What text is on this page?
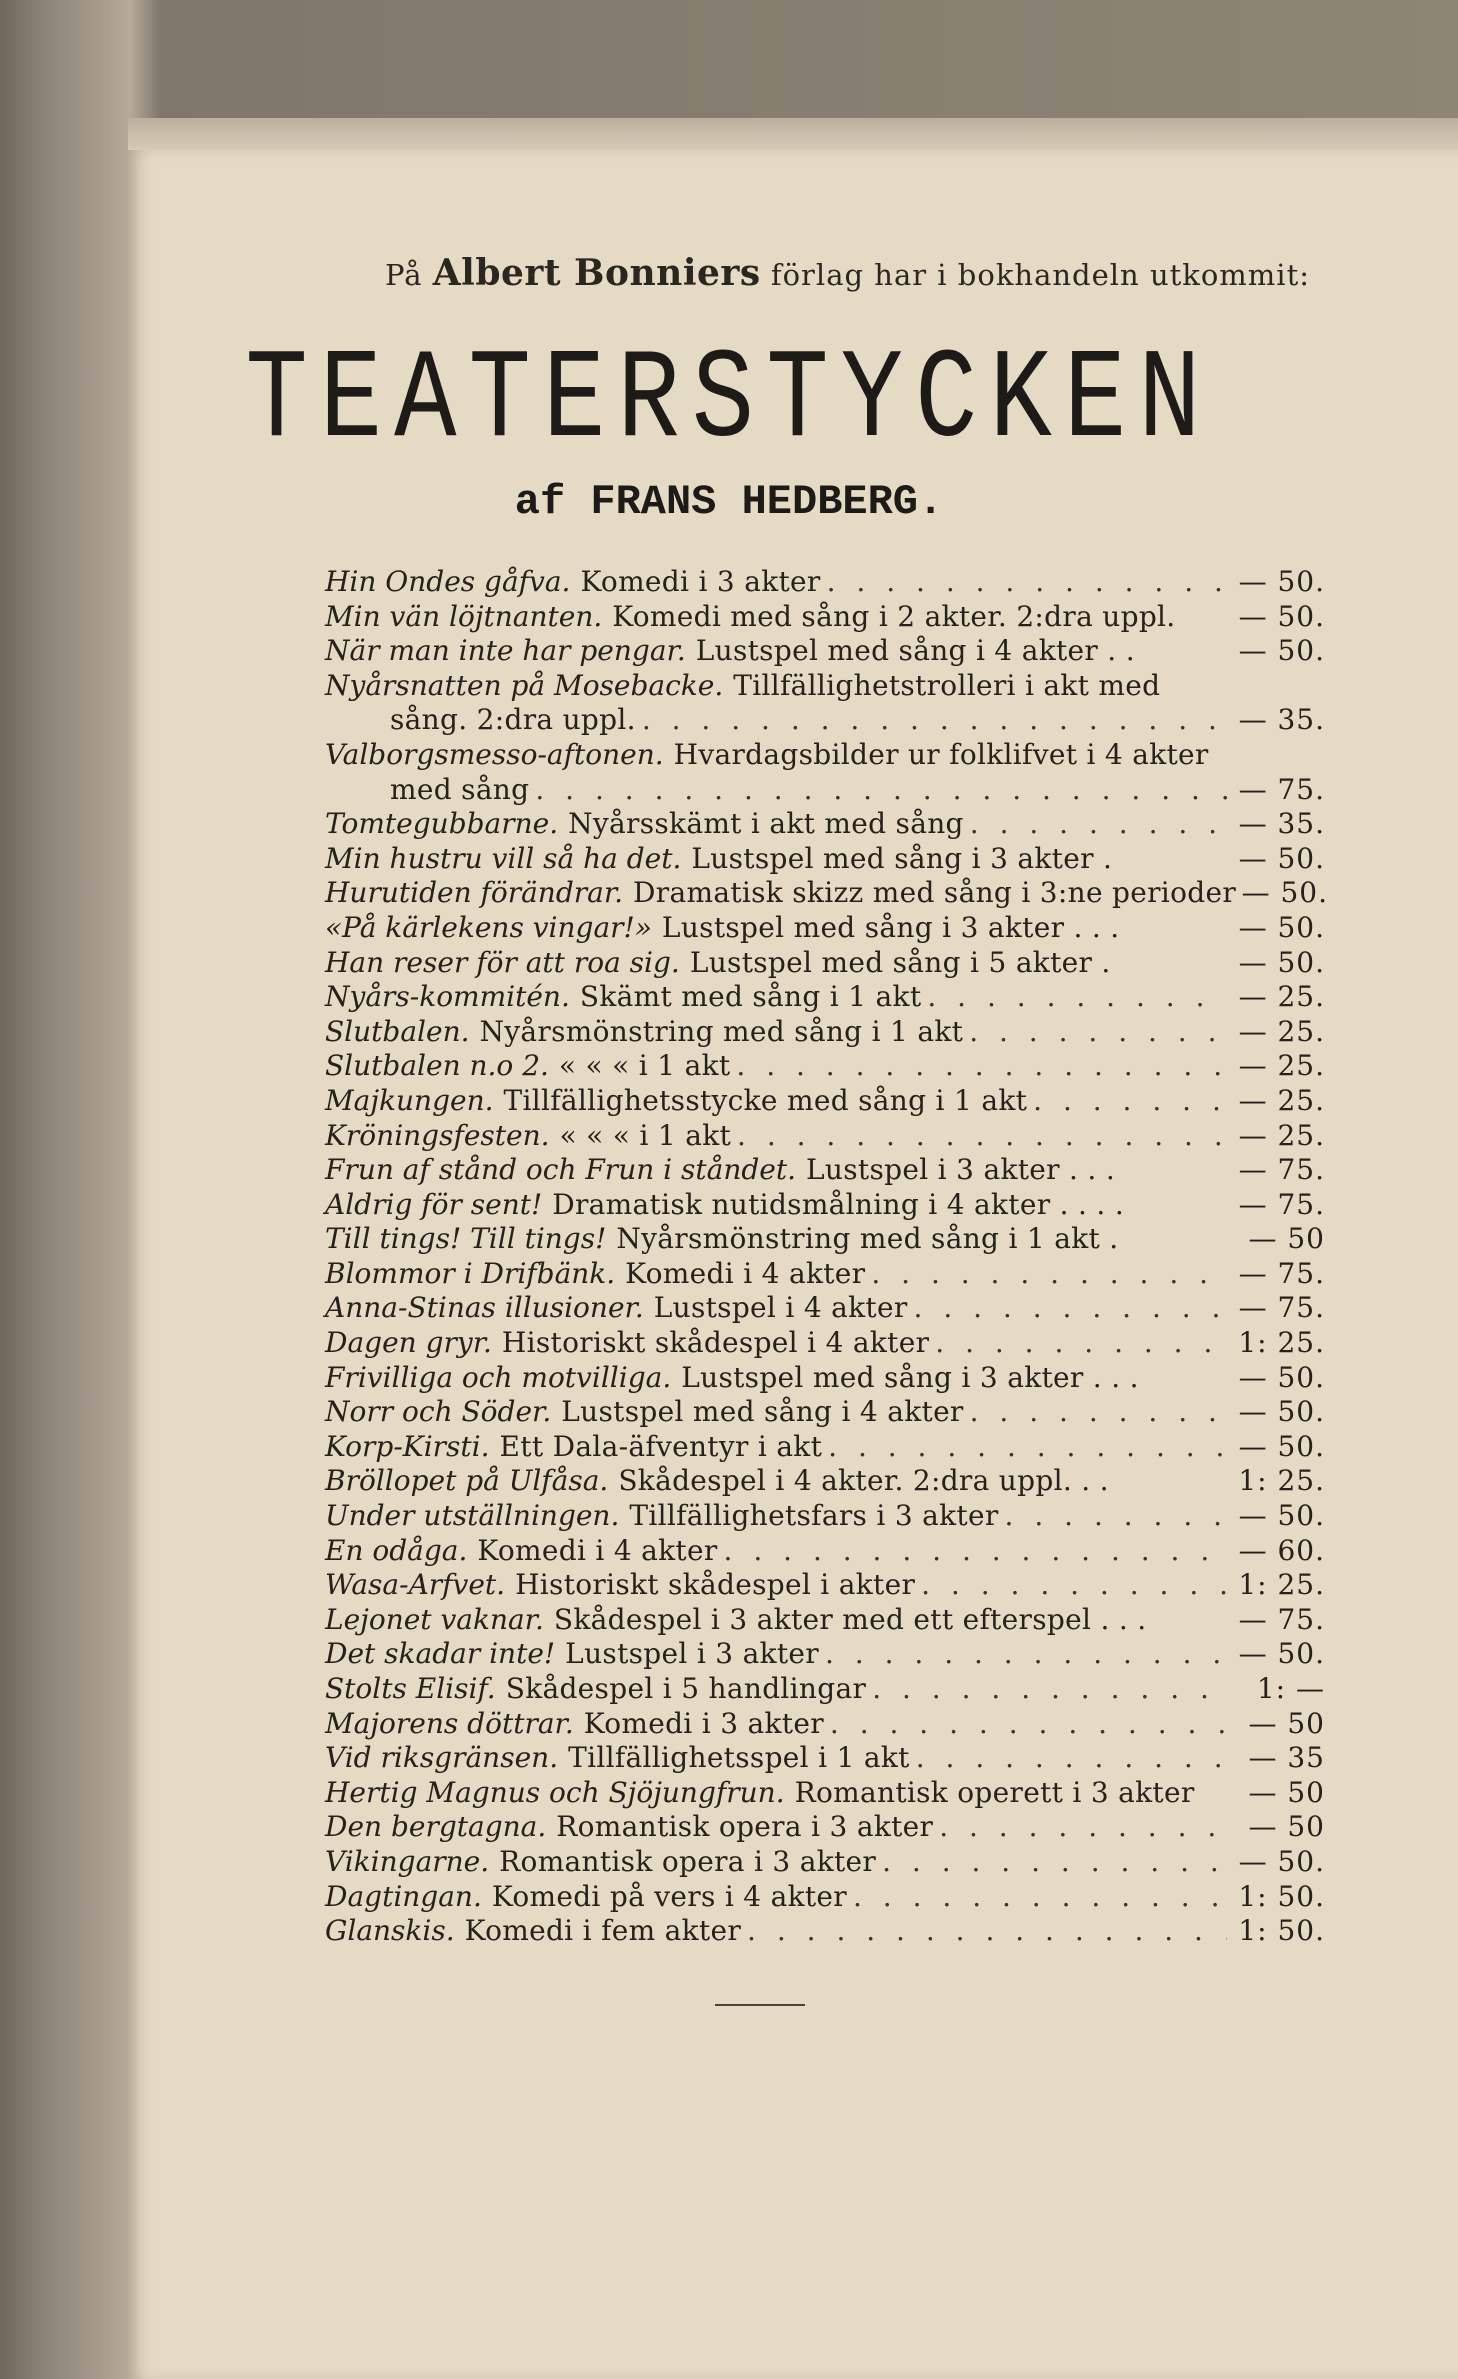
På Albert Bonniers förlag har i bokhandeln utkommit:
TEATERSTYCKEN
af FRANS HEDBERG.
Hin Ondes gåfva. Komedi i 3 akter . . .	— 50.
Min vän löjtnanten. Komedi med sång i 2 akter. 2:dra uppl. — 50.
När man inte har pengar. Lustspel med sång i 4 akter . .	— 50.
Nyårsnatten på Mosebacke. Tillfällighetstrolleri i akt med
sång. 2:dra uppl. . . .	— 35.
Valborgsmesso-aftonen. Hvardagsbilder ur folklifvet i 4 akter
med sång . . .	— 75.
Tomtegubbarne. Nyårsskämt i akt med sång . . .	— 35.
Min hustru vill så ha det. Lustspel med sång i 3 akter .	— 50.
Hurutiden förändrar. Dramatisk skizz med sång i 3:ne perioder — 50.
«På kärlekens vingar!» Lustspel med sång i 3 akter . . .	— 50.
Han reser för att roa sig. Lustspel med sång i 5 akter .	— 50.
Nyårs-kommitén. Skämt med sång i 1 akt . . .	— 25.
Slutbalen. Nyårsmönstring med sång i 1 akt . . .	— 25.
Slutbalen n.o 2. « « « i 1 akt . . .	— 25.
Majkungen. Tillfällighetsstycke med sång i 1 akt . . .	— 25.
Kröningsfesten. « « « i 1 akt . . .	— 25.
Frun af stånd och Frun i ståndet. Lustspel i 3 akter . . .	— 75.
Aldrig för sent! Dramatisk nutidsmålning i 4 akter . . . .	— 75.
Till tings! Till tings! Nyårsmönstring med sång i 1 akt .	— 50
Blommor i Drifbänk. Komedi i 4 akter . . .	— 75.
Anna-Stinas illusioner. Lustspel i 4 akter . . .	— 75.
Dagen gryr. Historiskt skådespel i 4 akter . . .	1: 25.
Frivilliga och motvilliga. Lustspel med sång i 3 akter . . .	— 50.
Norr och Söder. Lustspel med sång i 4 akter . . .	— 50.
Korp-Kirsti. Ett Dala-äfventyr i akt . . .	— 50.
Bröllopet på Ulfåsa. Skådespel i 4 akter. 2:dra uppl. . .	1: 25.
Under utställningen. Tillfällighetsfars i 3 akter . . .	— 50.
En odåga. Komedi i 4 akter . . .	— 60.
Wasa-Arfvet. Historiskt skådespel i akter . . .	1: 25.
Lejonet vaknar. Skådespel i 3 akter med ett efterspel . . .	— 75.
Det skadar inte! Lustspel i 3 akter . . .	— 50.
Stolts Elisif. Skådespel i 5 handlingar . . .	1: —
Majorens döttrar. Komedi i 3 akter . . .	— 50
Vid riksgränsen. Tillfällighetsspel i 1 akt . . .	— 35
Hertig Magnus och Sjöjungfrun. Romantisk operett i 3 akter	— 50
Den bergtagna. Romantisk opera i 3 akter . . .	— 50
Vikingarne. Romantisk opera i 3 akter . . .	— 50.
Dagtingan. Komedi på vers i 4 akter . . .	1: 50.
Glanskis. Komedi i fem akter . . .	1: 50.
